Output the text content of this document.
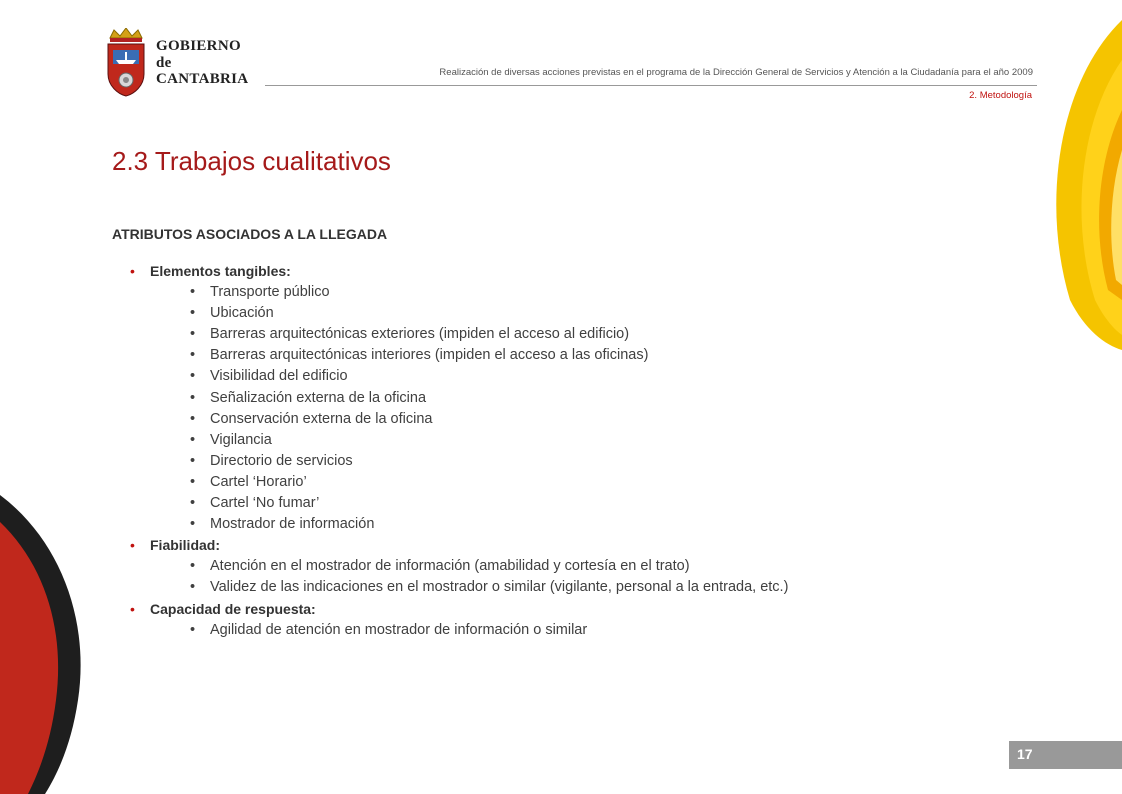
GOBIERNO
de
CANTABRIA	Realización de diversas acciones previstas en el programa de la Dirección General de Servicios y Atención a la Ciudadanía para el año 2009
2. Metodología
2.3 Trabajos cualitativos
ATRIBUTOS ASOCIADOS A LA LLEGADA
• Elementos tangibles:
• Transporte público
• Ubicación
• Barreras arquitectónicas exteriores (impiden el acceso al edificio)
• Barreras arquitectónicas interiores (impiden el acceso a las oficinas)
• Visibilidad del edificio
• Señalización externa de la oficina
• Conservación externa de la oficina
• Vigilancia
• Directorio de servicios
• Cartel ‘Horario’
• Cartel ‘No fumar’
• Mostrador de información
• Fiabilidad:
• Atención en el mostrador de información (amabilidad y cortesía en el trato)
• Validez de las indicaciones en el mostrador o similar (vigilante, personal a la entrada, etc.)
• Capacidad de respuesta:
• Agilidad de atención en mostrador de información o similar
17
